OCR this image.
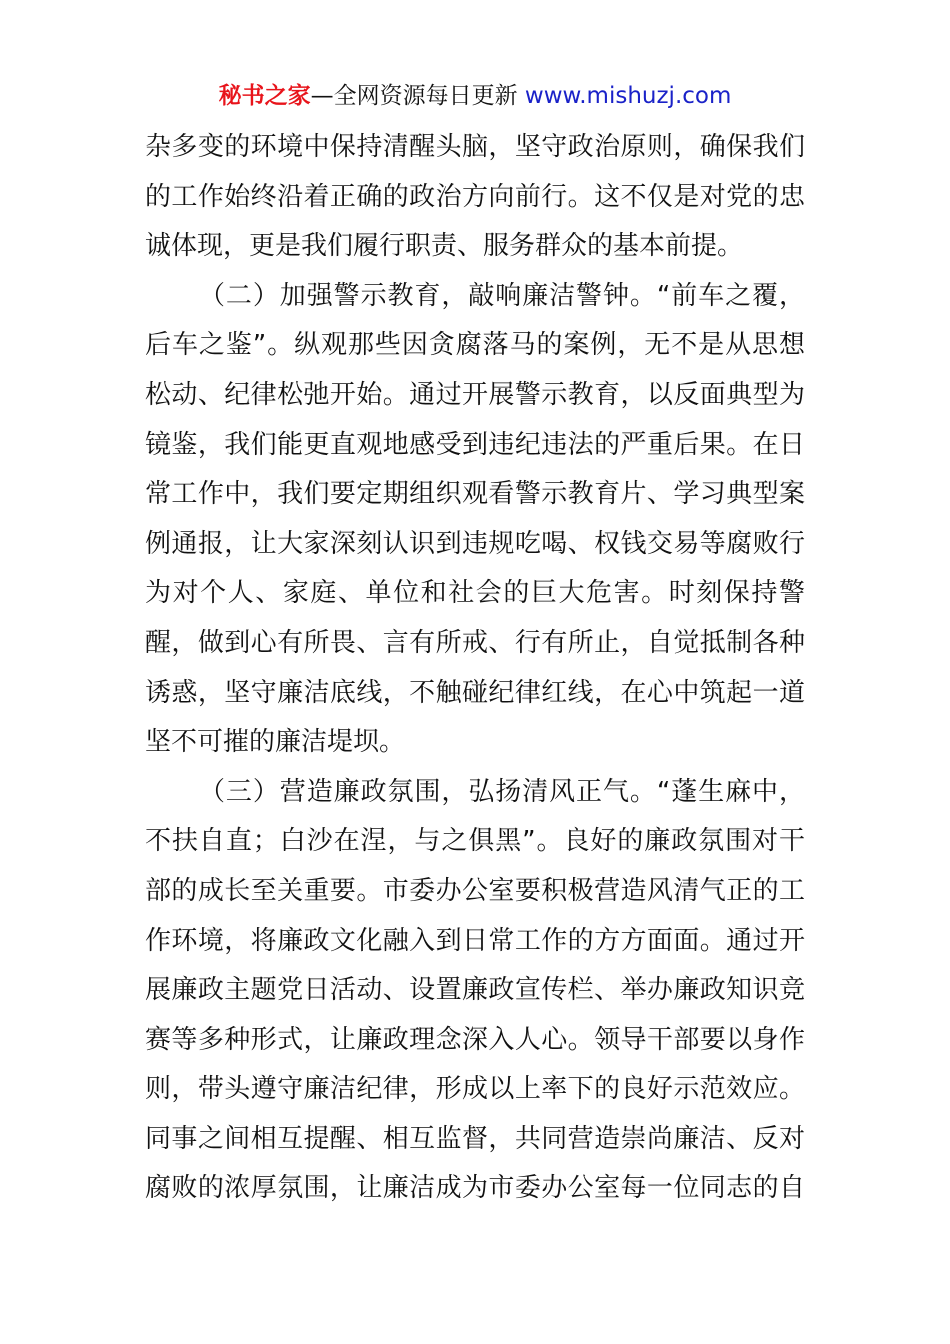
秘书之家—全网资源每日更新 www.mishuzj.com
杂多变的环境中保持清醒头脑，坚守政治原则，确保我们
的工作始终沿着正确的政治方向前行。这不仅是对党的忠
诚体现，更是我们履行职责、服务群众的基本前提。
（二）加强警示教育，敲响廉洁警钟。“前车之覆，
后车之鉴”。纵观那些因贪腐落马的案例，无不是从思想
松动、纪律松弛开始。通过开展警示教育，以反面典型为
镜鉴，我们能更直观地感受到违纪违法的严重后果。在日
常工作中，我们要定期组织观看警示教育片、学习典型案
例通报，让大家深刻认识到违规吃喝、权钱交易等腐败行
为对个人、家庭、单位和社会的巨大危害。时刻保持警
醒，做到心有所畏、言有所戒、行有所止，自觉抵制各种
诱惑，坚守廉洁底线，不触碰纪律红线，在心中筑起一道
坚不可摧的廉洁堤坝。
（三）营造廉政氛围，弘扬清风正气。“蓬生麻中，
不扶自直；白沙在涅，与之俱黑”。良好的廉政氛围对干
部的成长至关重要。市委办公室要积极营造风清气正的工
作环境，将廉政文化融入到日常工作的方方面面。通过开
展廉政主题党日活动、设置廉政宣传栏、举办廉政知识竞
赛等多种形式，让廉政理念深入人心。领导干部要以身作
则，带头遵守廉洁纪律，形成以上率下的良好示范效应。
同事之间相互提醒、相互监督，共同营造崇尚廉洁、反对
腐败的浓厚氛围，让廉洁成为市委办公室每一位同志的自
